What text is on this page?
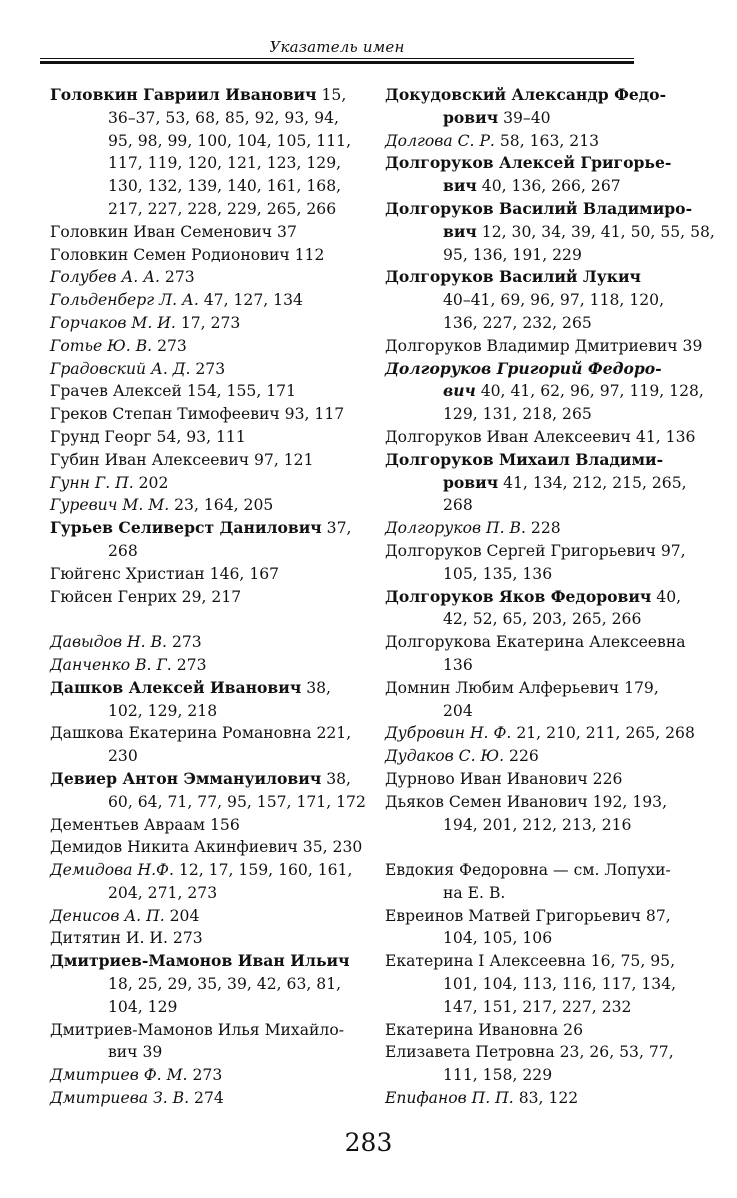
Указатель имен
Головкин Гавриил Иванович 15,
36–37, 53, 68, 85, 92, 93, 94,
95, 98, 99, 100, 104, 105, 111,
117, 119, 120, 121, 123, 129,
130, 132, 139, 140, 161, 168,
217, 227, 228, 229, 265, 266
Головкин Иван Семенович 37
Головкин Семен Родионович 112
Голубев А. А. 273
Гольденберг Л. А. 47, 127, 134
Горчаков М. И. 17, 273
Готье Ю. В. 273
Градовский А. Д. 273
Грачев Алексей 154, 155, 171
Греков Степан Тимофеевич 93, 117
Грунд Георг 54, 93, 111
Губин Иван Алексеевич 97, 121
Гунн Г. П. 202
Гуревич М. М. 23, 164, 205
Гурьев Селиверст Данилович 37,
268
Гюйгенс Христиан 146, 167
Гюйсен Генрих 29, 217
Давыдов Н. В. 273
Данченко В. Г. 273
Дашков Алексей Иванович 38,
102, 129, 218
Дашкова Екатерина Романовна 221,
230
Девиер Антон Эммануилович 38,
60, 64, 71, 77, 95, 157, 171, 172
Дементьев Авраам 156
Демидов Никита Акинфиевич 35, 230
Демидова Н.Ф. 12, 17, 159, 160, 161,
204, 271, 273
Денисов А. П. 204
Дитятин И. И. 273
Дмитриев-Мамонов Иван Ильич
18, 25, 29, 35, 39, 42, 63, 81,
104, 129
Дмитриев-Мамонов Илья Михайло-
вич 39
Дмитриев Ф. М. 273
Дмитриева З. В. 274
Докудовский Александр Федо-
рович 39–40
Долгова С. Р. 58, 163, 213
Долгоруков Алексей Григорье-
вич 40, 136, 266, 267
Долгоруков Василий Владимиро-
вич 12, 30, 34, 39, 41, 50, 55, 58,
95, 136, 191, 229
Долгоруков Василий Лукич
40–41, 69, 96, 97, 118, 120,
136, 227, 232, 265
Долгоруков Владимир Дмитриевич 39
Долгоруков Григорий Федоро-
вич 40, 41, 62, 96, 97, 119, 128,
129, 131, 218, 265
Долгоруков Иван Алексеевич 41, 136
Долгоруков Михаил Владими-
рович 41, 134, 212, 215, 265,
268
Долгоруков П. В. 228
Долгоруков Сергей Григорьевич 97,
105, 135, 136
Долгоруков Яков Федорович 40,
42, 52, 65, 203, 265, 266
Долгорукова Екатерина Алексеевна
136
Домнин Любим Алферьевич 179,
204
Дубровин Н. Ф. 21, 210, 211, 265, 268
Дудаков С. Ю. 226
Дурново Иван Иванович 226
Дьяков Семен Иванович 192, 193,
194, 201, 212, 213, 216
Евдокия Федоровна — см. Лопухи-
на Е. В.
Евреинов Матвей Григорьевич 87,
104, 105, 106
Екатерина I Алексеевна 16, 75, 95,
101, 104, 113, 116, 117, 134,
147, 151, 217, 227, 232
Екатерина Ивановна 26
Елизавета Петровна 23, 26, 53, 77,
111, 158, 229
Епифанов П. П. 83, 122
283
